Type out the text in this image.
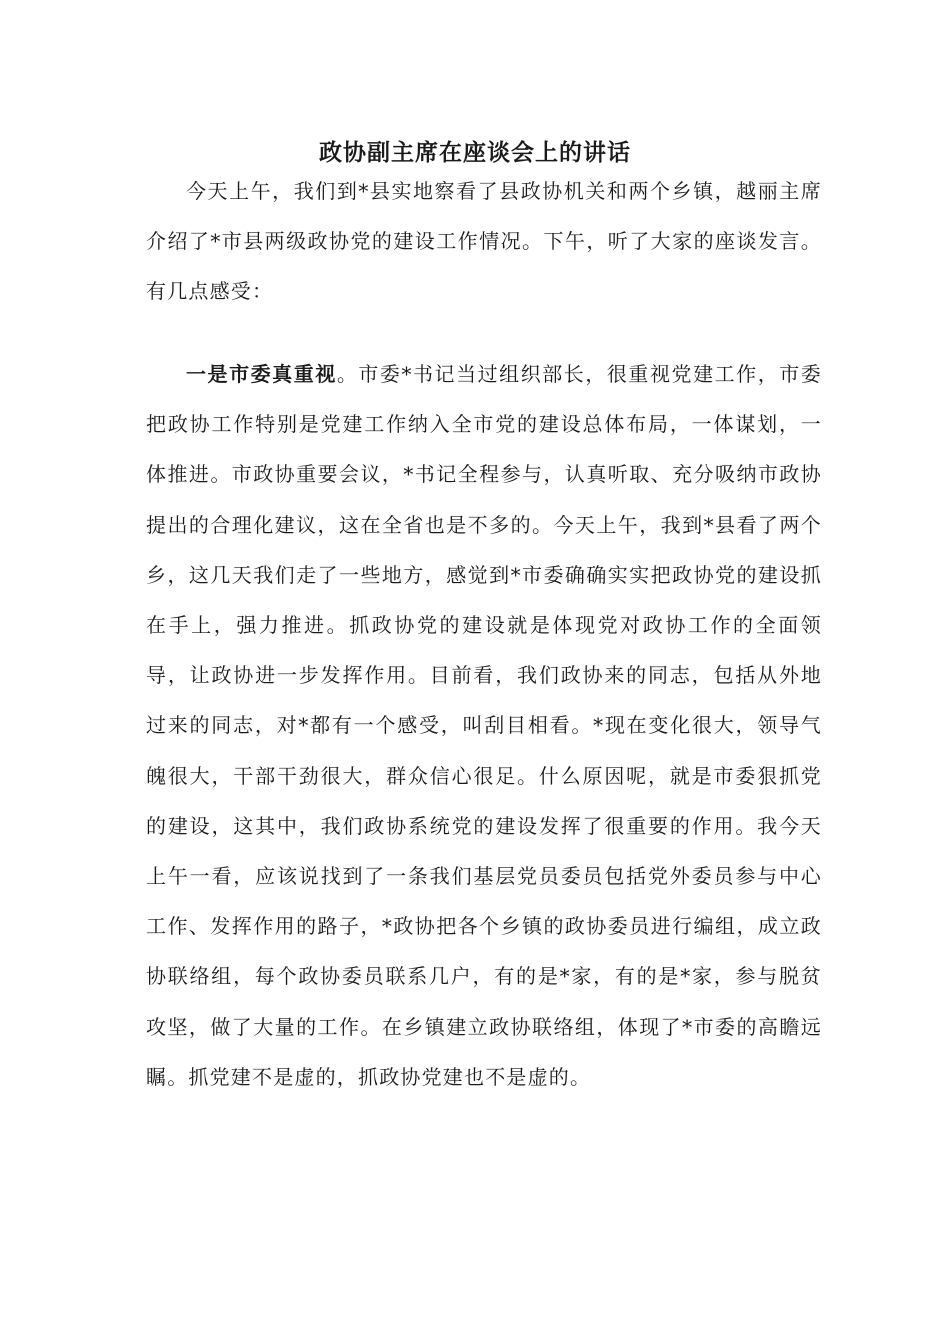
政协副主席在座谈会上的讲话

今天上午，我们到*县实地察看了县政协机关和两个乡镇，越丽主席介绍了*市县两级政协党的建设工作情况。下午，听了大家的座谈发言。有几点感受：

一是市委真重视。市委*书记当过组织部长，很重视党建工作，市委把政协工作特别是党建工作纳入全市党的建设总体布局，一体谋划，一体推进。市政协重要会议，*书记全程参与，认真听取、充分吸纳市政协提出的合理化建议，这在全省也是不多的。今天上午，我到*县看了两个乡，这几天我们走了一些地方，感觉到*市委确确实实把政协党的建设抓在手上，强力推进。抓政协党的建设就是体现党对政协工作的全面领导，让政协进一步发挥作用。目前看，我们政协来的同志，包括从外地过来的同志，对*都有一个感受，叫刮目相看。*现在变化很大，领导气魄很大，干部干劲很大，群众信心很足。什么原因呢，就是市委狠抓党的建设，这其中，我们政协系统党的建设发挥了很重要的作用。我今天上午一看，应该说找到了一条我们基层党员委员包括党外委员参与中心工作、发挥作用的路子，*政协把各个乡镇的政协委员进行编组，成立政协联络组，每个政协委员联系几户，有的是*家，有的是*家，参与脱贫攻坚，做了大量的工作。在乡镇建立政协联络组，体现了*市委的高瞻远瞩。抓党建不是虚的，抓政协党建也不是虚的。
